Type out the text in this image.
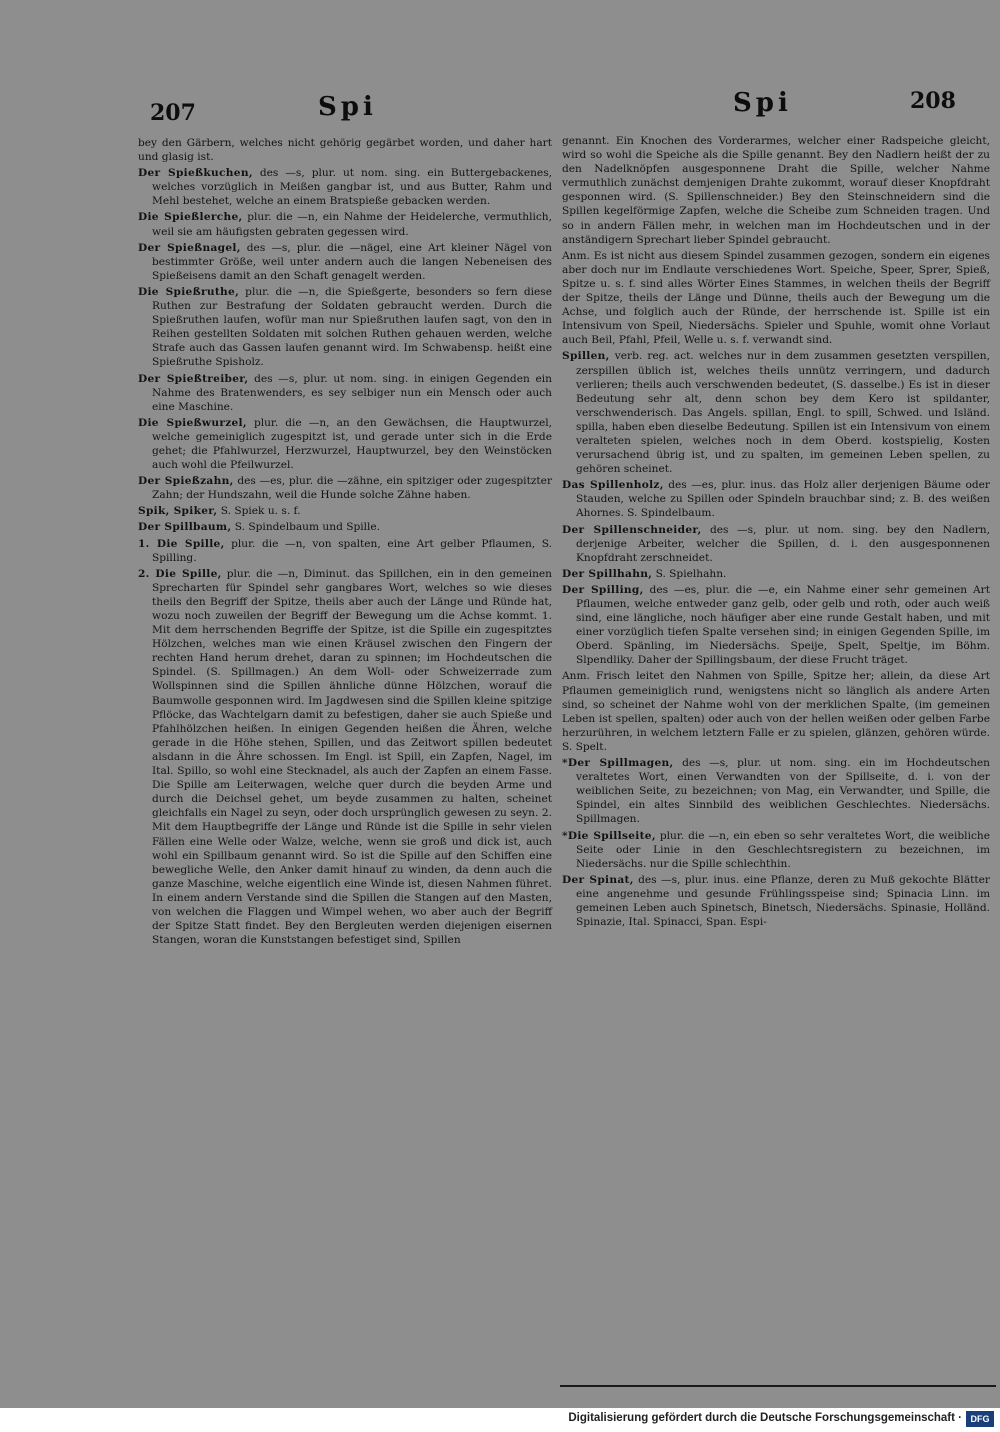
207	Spi	Spi	208
bey den Gärbern, welches nicht gehörig gegärbet worden, und daher hart und glasig ist.
Der Spießkuchen, des —s, plur. ut nom. sing. ein Buttergebackenes, welches vorzüglich in Meißen gangbar ist, und aus Butter, Rahm und Mehl bestehet, welche an einem Bratspieße gebacken werden.
Die Spießlerche, plur. die —n, ein Nahme der Heidelerche, vermuthlich, weil sie am häufigsten gebraten gegessen wird.
Der Spießnagel, des —s, plur. die —nägel, eine Art kleiner Nägel von bestimmter Größe, weil unter andern auch die langen Nebeneisen des Spießeisens damit an den Schaft genagelt werden.
Die Spießruthe, plur. die —n, die Spießgerte, besonders so fern diese Ruthen zur Bestrafung der Soldaten gebraucht werden. Durch die Spießruthen laufen, wofür man nur Spießruthen laufen sagt, von den in Reihen gestellten Soldaten mit solchen Ruthen gehauen werden, welche Strafe auch das Gassen laufen genannt wird. Im Schwabensp. heißt eine Spießruthe Spisholz.
Der Spießtreiber, des —s, plur. ut nom. sing. in einigen Gegenden ein Nahme des Bratenwenders, es sey selbiger nun ein Mensch oder auch eine Maschine.
Die Spießwurzel, plur. die —n, an den Gewächsen, die Hauptwurzel, welche gemeiniglich zugespitzt ist, und gerade unter sich in die Erde gehet; die Pfahlwurzel, Herzwurzel, Hauptwurzel, bey den Weinstöcken auch wohl die Pfeilwurzel.
Der Spießzahn, des —es, plur. die —zähne, ein spitziger oder zugespitzter Zahn; der Hundszahn, weil die Hunde solche Zähne haben.
Spik, Spiker, S. Spiek u. s. f.
Der Spillbaum, S. Spindelbaum und Spille.
1. Die Spille, plur. die —n, von spalten, eine Art gelber Pflaumen, S. Spilling.
2. Die Spille, plur. die —n, Diminut. das Spillchen, ein in den gemeinen Sprecharten für Spindel sehr gangbares Wort, welches so wie dieses theils den Begriff der Spitze, theils aber auch der Länge und Ründe hat, wozu noch zuweilen der Begriff der Bewegung um die Achse kommt. 1. Mit dem herrschenden Begriffe der Spitze, ist die Spille ein zugespitztes Hölzchen, welches man wie einen Kräusel zwischen den Fingern der rechten Hand herum drehet, daran zu spinnen; im Hochdeutschen die Spindel. (S. Spillmagen.) An dem Woll- oder Schweizerrade zum Wollspinnen sind die Spillen ähnliche dünne Hölzchen, worauf die Baumwolle gesponnen wird. Im Jagdwesen sind die Spillen kleine spitzige Pflöcke, das Wachtelgarn damit zu befestigen, daher sie auch Spieße und Pfahlhölzchen heißen. In einigen Gegenden heißen die Ähren, welche gerade in die Höhe stehen, Spillen, und das Zeitwort spillen bedeutet alsdann in die Ähre schossen. Im Engl. ist Spill, ein Zapfen, Nagel, im Ital. Spillo, so wohl eine Stecknadel, als auch der Zapfen an einem Fasse. Die Spille am Leiterwagen, welche quer durch die beyden Arme und durch die Deichsel gehet, um beyde zusammen zu halten, scheinet gleichfalls ein Nagel zu seyn, oder doch ursprünglich gewesen zu seyn. 2. Mit dem Hauptbegriffe der Länge und Ründe ist die Spille in sehr vielen Fällen eine Welle oder Walze, welche, wenn sie groß und dick ist, auch wohl ein Spillbaum genannt wird. So ist die Spille auf den Schiffen eine bewegliche Welle, den Anker damit hinauf zu winden, da denn auch die ganze Maschine, welche eigentlich eine Winde ist, diesen Nahmen führet. In einem andern Verstande sind die Spillen die Stangen auf den Masten, von welchen die Flaggen und Wimpel wehen, wo aber auch der Begriff der Spitze Statt findet. Bey den Bergleuten werden diejenigen eisernen Stangen, woran die Kunststangen befestiget sind, Spillen
genannt. Ein Knochen des Vorderarmes, welcher einer Radspeiche gleicht, wird so wohl die Speiche als die Spille genannt. Bey den Nadlern heißt der zu den Nadelknöpfen ausgesponnene Draht die Spille, welcher Nahme vermuthlich zunächst demjenigen Drahte zukommt, worauf dieser Knopfdraht gesponnen wird. (S. Spillenschneider.) Bey den Steinschneidern sind die Spillen kegelförmige Zapfen, welche die Scheibe zum Schneiden tragen. Und so in andern Fällen mehr, in welchen man im Hochdeutschen und in der anständigern Sprechart lieber Spindel gebraucht.
Anm. Es ist nicht aus diesem Spindel zusammen gezogen, sondern ein eigenes aber doch nur im Endlaute verschiedenes Wort. Speiche, Speer, Sprer, Spieß, Spitze u. s. f. sind alles Wörter Eines Stammes, in welchen theils der Begriff der Spitze, theils der Länge und Dünne, theils auch der Bewegung um die Achse, und folglich auch der Ründe, der herrschende ist. Spille ist ein Intensivum von Speil, Niedersächs. Spieler und Spuhle, womit ohne Vorlaut auch Beil, Pfahl, Pfeil, Welle u. s. f. verwandt sind.
Spillen, verb. reg. act. welches nur in dem zusammen gesetzten verspillen, zerspillen üblich ist, welches theils unnütz verringern, und dadurch verlieren; theils auch verschwenden bedeutet, (S. dasselbe.) Es ist in dieser Bedeutung sehr alt, denn schon bey dem Kero ist spildanter, verschwenderisch. Das Angels. spillan, Engl. to spill, Schwed. und Isländ. spilla, haben eben dieselbe Bedeutung. Spillen ist ein Intensivum von einem veralteten spielen, welches noch in dem Oberd. kostspielig, Kosten verursachend übrig ist, und zu spalten, im gemeinen Leben spellen, zu gehören scheinet.
Das Spillenholz, des —es, plur. inus. das Holz aller derjenigen Bäume oder Stauden, welche zu Spillen oder Spindeln brauchbar sind; z. B. des weißen Ahornes. S. Spindelbaum.
Der Spillenschneider, des —s, plur. ut nom. sing. bey den Nadlern, derjenige Arbeiter, welcher die Spillen, d. i. den ausgesponnenen Knopfdraht zerschneidet.
Der Spillhahn, S. Spielhahn.
Der Spilling, des —es, plur. die —e, ein Nahme einer sehr gemeinen Art Pflaumen, welche entweder ganz gelb, oder gelb und roth, oder auch weiß sind, eine längliche, noch häufiger aber eine runde Gestalt haben, und mit einer vorzüglich tiefen Spalte versehen sind; in einigen Gegenden Spille, im Oberd. Spänling, im Niedersächs. Speije, Spelt, Speltje, im Böhm. Slpendliky. Daher der Spillingsbaum, der diese Frucht träget.
Anm. Frisch leitet den Nahmen von Spille, Spitze her; allein, da diese Art Pflaumen gemeiniglich rund, wenigstens nicht so länglich als andere Arten sind, so scheinet der Nahme wohl von der merklichen Spalte, (im gemeinen Leben ist spellen, spalten) oder auch von der hellen weißen oder gelben Farbe herzurühren, in welchem letztern Falle er zu spielen, glänzen, gehören würde. S. Spelt.
*Der Spillmagen, des —s, plur. ut nom. sing. ein im Hochdeutschen veraltetes Wort, einen Verwandten von der Spillseite, d. i. von der weiblichen Seite, zu bezeichnen; von Mag, ein Verwandter, und Spille, die Spindel, ein altes Sinnbild des weiblichen Geschlechtes. Niedersächs. Spillmagen.
*Die Spillseite, plur. die —n, ein eben so sehr veraltetes Wort, die weibliche Seite oder Linie in den Geschlechtsregistern zu bezeichnen, im Niedersächs. nur die Spille schlechthin.
Der Spinat, des —s, plur. inus. eine Pflanze, deren zu Muß gekochte Blätter eine angenehme und gesunde Frühlingsspeise sind; Spinacia Linn. im gemeinen Leben auch Spinetsch, Binetsch, Niedersächs. Spinasie, Holländ. Spinazie, Ital. Spinacci, Span. Espi-
Digitalisierung gefördert durch die Deutsche Forschungsgemeinschaft · DFG
